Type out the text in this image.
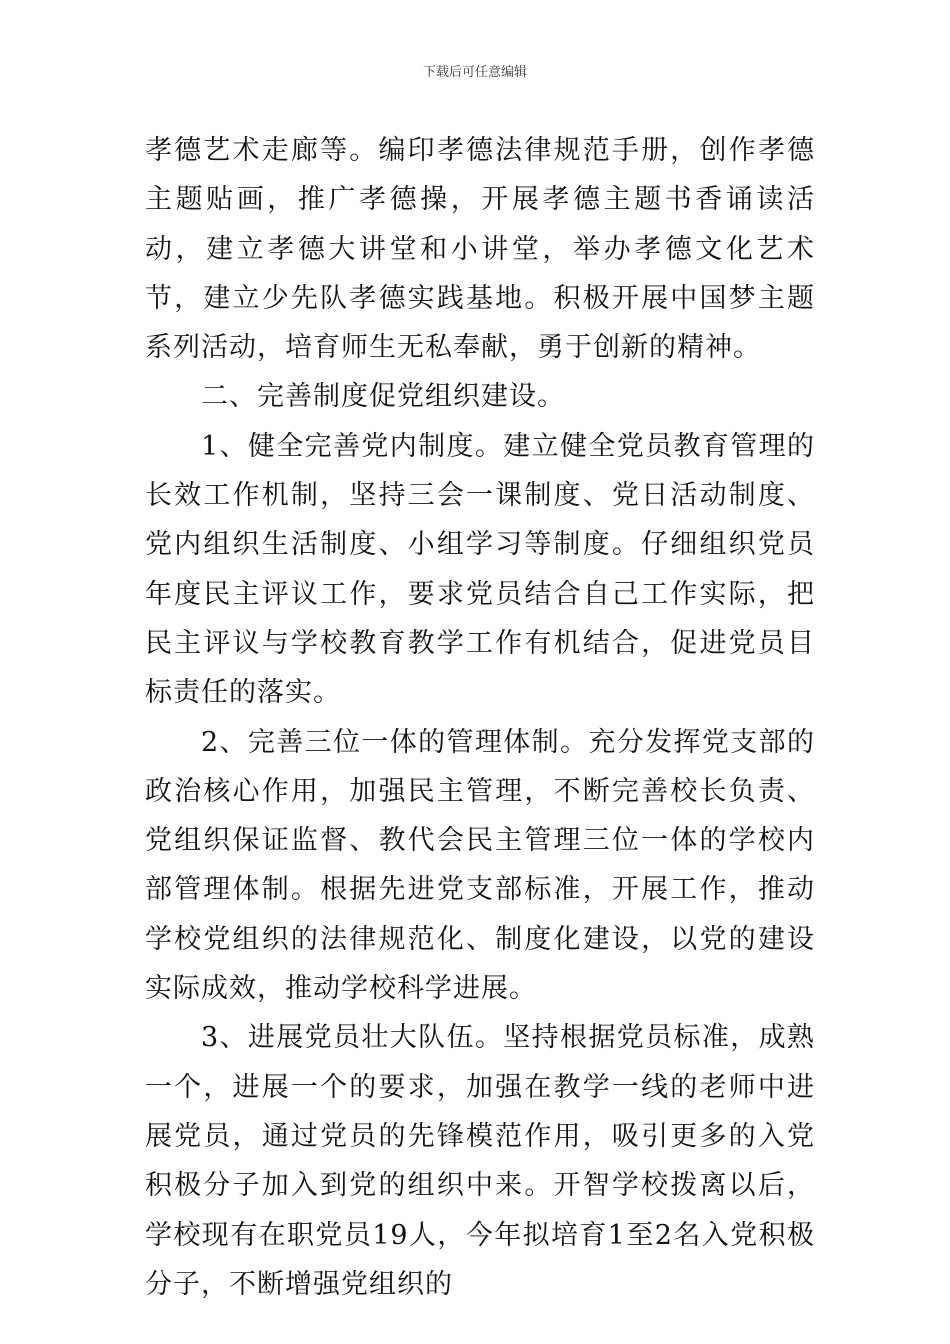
下载后可任意编辑

孝德艺术走廊等。编印孝德法律规范手册，创作孝德主题贴画，推广孝德操，开展孝德主题书香诵读活动，建立孝德大讲堂和小讲堂，举办孝德文化艺术节，建立少先队孝德实践基地。积极开展中国梦主题系列活动，培育师生无私奉献，勇于创新的精神。

二、完善制度促党组织建设。

1、健全完善党内制度。建立健全党员教育管理的长效工作机制，坚持三会一课制度、党日活动制度、党内组织生活制度、小组学习等制度。仔细组织党员年度民主评议工作，要求党员结合自己工作实际，把民主评议与学校教育教学工作有机结合，促进党员目标责任的落实。

2、完善三位一体的管理体制。充分发挥党支部的政治核心作用，加强民主管理，不断完善校长负责、党组织保证监督、教代会民主管理三位一体的学校内部管理体制。根据先进党支部标准，开展工作，推动学校党组织的法律规范化、制度化建设，以党的建设实际成效，推动学校科学进展。

3、进展党员壮大队伍。坚持根据党员标准，成熟一个，进展一个的要求，加强在教学一线的老师中进展党员，通过党员的先锋模范作用，吸引更多的入党积极分子加入到党的组织中来。开智学校拨离以后，学校现有在职党员19人，今年拟培育1至2名入党积极分子，不断增强党组织的
